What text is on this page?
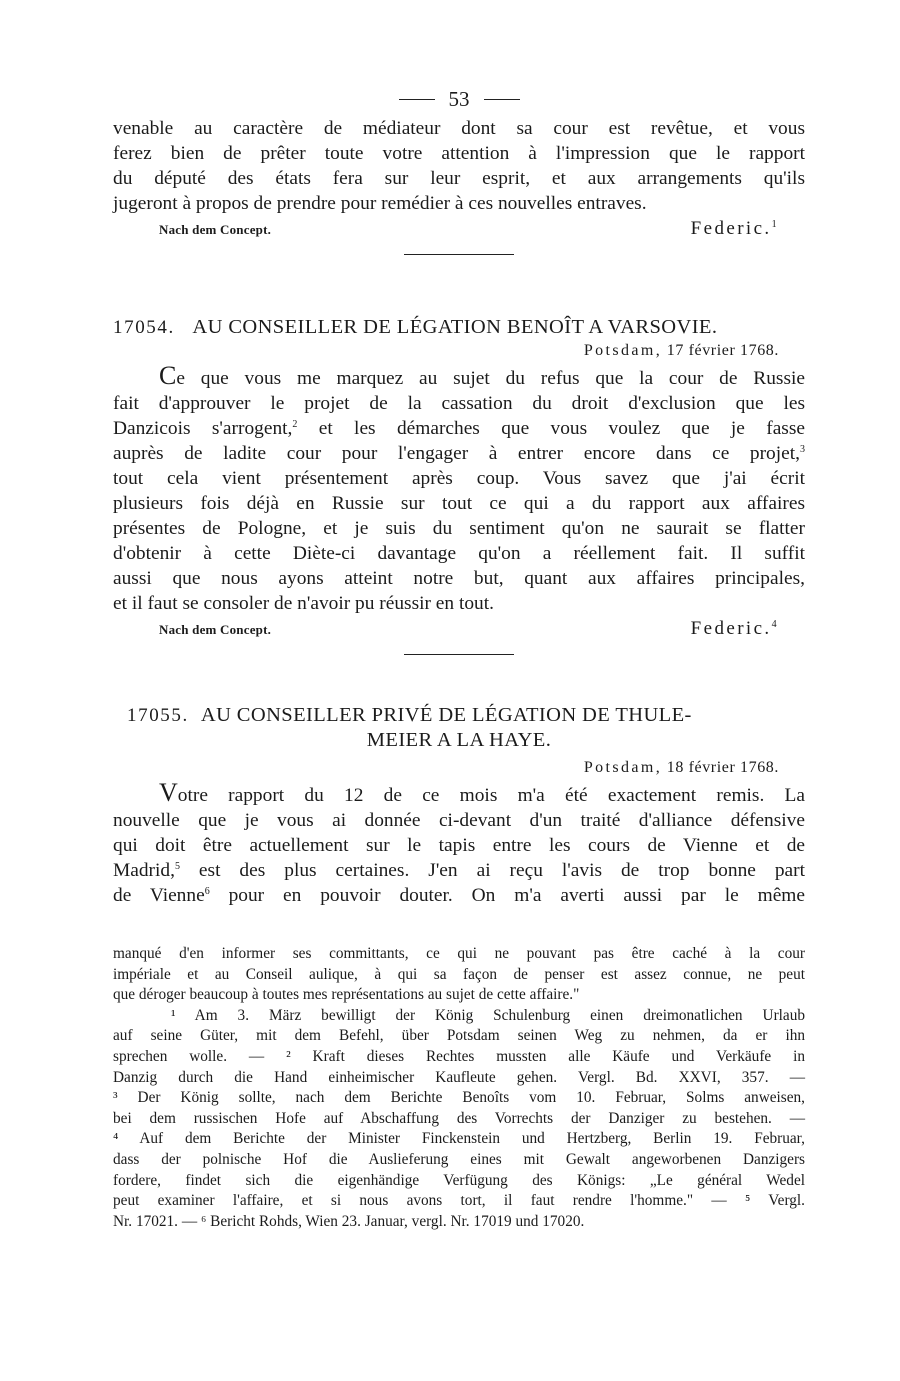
53

venable au caractère de médiateur dont sa cour est revêtue, et vous
ferez bien de prêter toute votre attention à l'impression que le rapport
du député des états fera sur leur esprit, et aux arrangements qu'ils
jugeront à propos de prendre pour remédier à ces nouvelles entraves.

Nach dem Concept.	Federic.$^1$
17054. AU CONSEILLER DE LÉGATION BENOÎT A VARSOVIE.
Potsdam, 17 février 1768.

Ce que vous me marquez au sujet du refus que la cour de Russie
fait d'approuver le projet de la cassation du droit d'exclusion que les
Danzicois s'arrogent,$^2$ et les démarches que vous voulez que je fasse
auprès de ladite cour pour l'engager à entrer encore dans ce projet,$^3$
tout cela vient présentement après coup. Vous savez que j'ai écrit
plusieurs fois déjà en Russie sur tout ce qui a du rapport aux affaires
présentes de Pologne, et je suis du sentiment qu'on ne saurait se flatter
d'obtenir à cette Diète-ci davantage qu'on a réellement fait. Il suffit
aussi que nous ayons atteint notre but, quant aux affaires principales,
et il faut se consoler de n'avoir pu réussir en tout.

Nach dem Concept.	Federic.$^4$
17055. AU CONSEILLER PRIVÉ DE LÉGATION DE THULE-
MEIER A LA HAYE.
Potsdam, 18 février 1768.

Votre rapport du 12 de ce mois m'a été exactement remis. La
nouvelle que je vous ai donnée ci-devant d'un traité d'alliance défensive
qui doit être actuellement sur le tapis entre les cours de Vienne et de
Madrid,$^5$ est des plus certaines. J'en ai reçu l'avis de trop bonne part
de Vienne$^6$ pour en pouvoir douter. On m'a averti aussi par le même

manqué d'en informer ses committants, ce qui ne pouvant pas être caché à la cour
impériale et au Conseil aulique, à qui sa façon de penser est assez connue, ne peut
que déroger beaucoup à toutes mes représentations au sujet de cette affaire."
¹ Am 3. März bewilligt der König Schulenburg einen dreimonatlichen Urlaub
auf seine Güter, mit dem Befehl, über Potsdam seinen Weg zu nehmen, da er ihn
sprechen wolle. — ² Kraft dieses Rechtes mussten alle Käufe und Verkäufe in
Danzig durch die Hand einheimischer Kaufleute gehen. Vergl. Bd. XXVI, 357. —
³ Der König sollte, nach dem Berichte Benoîts vom 10. Februar, Solms anweisen,
bei dem russischen Hofe auf Abschaffung des Vorrechts der Danziger zu bestehen. —
⁴ Auf dem Berichte der Minister Finckenstein und Hertzberg, Berlin 19. Februar,
dass der polnische Hof die Auslieferung eines mit Gewalt angeworbenen Danzigers
fordere, findet sich die eigenhändige Verfügung des Königs: „Le général Wedel
peut examiner l'affaire, et si nous avons tort, il faut rendre l'homme." — ⁵ Vergl.
Nr. 17021. — ⁶ Bericht Rohds, Wien 23. Januar, vergl. Nr. 17019 und 17020.
